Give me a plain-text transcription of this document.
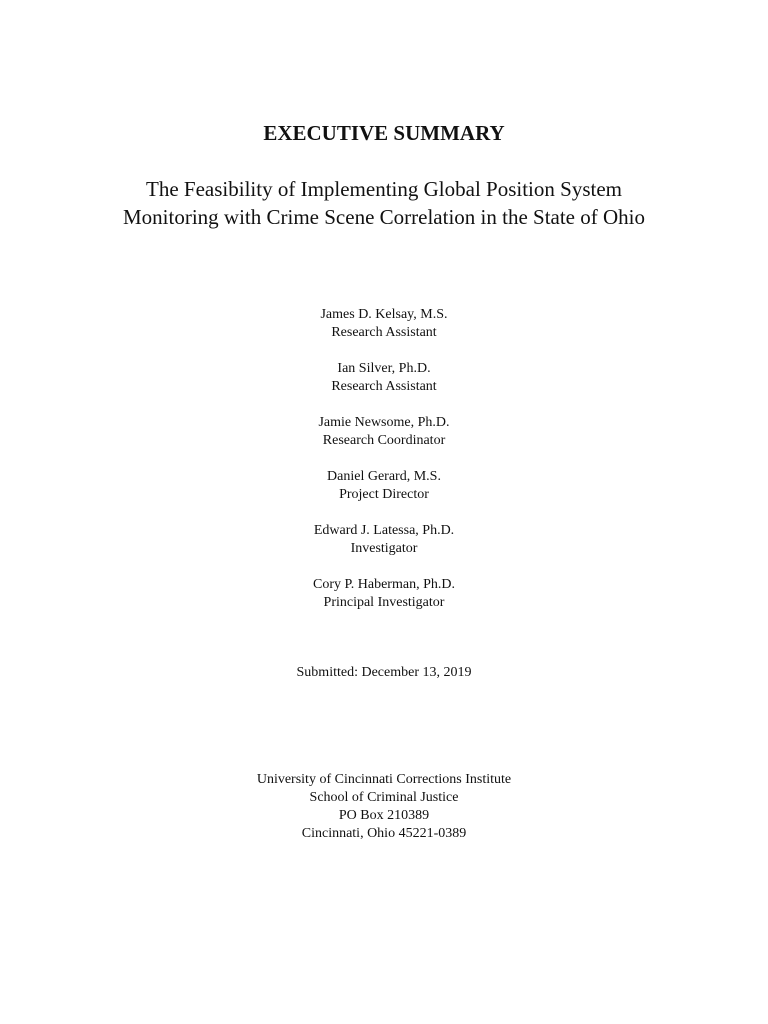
EXECUTIVE SUMMARY
The Feasibility of Implementing Global Position System
Monitoring with Crime Scene Correlation in the State of Ohio
James D. Kelsay, M.S.
Research Assistant
Ian Silver, Ph.D.
Research Assistant
Jamie Newsome, Ph.D.
Research Coordinator
Daniel Gerard, M.S.
Project Director
Edward J. Latessa, Ph.D.
Investigator
Cory P. Haberman, Ph.D.
Principal Investigator
Submitted: December 13, 2019
University of Cincinnati Corrections Institute
School of Criminal Justice
PO Box 210389
Cincinnati, Ohio 45221-0389
